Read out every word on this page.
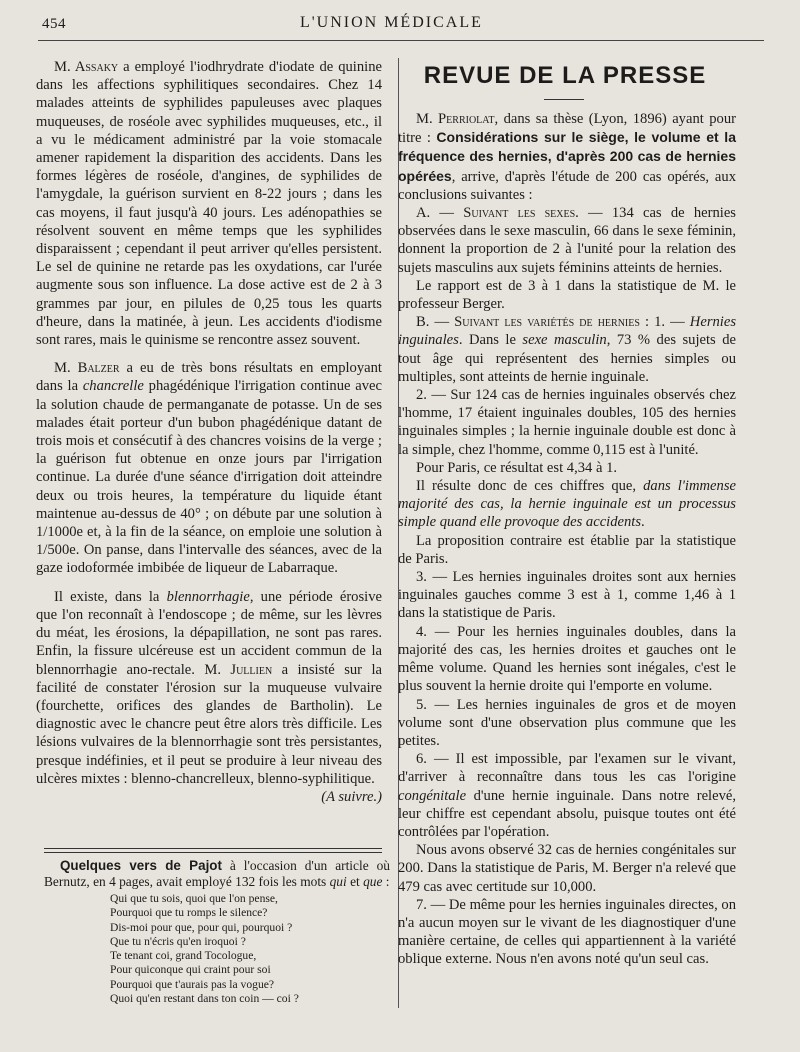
454	L'UNION MÉDICALE

M. Assaky a employé l'iodhrydrate d'iodate de quinine dans les affections syphilitiques secondaires. Chez 14 malades atteints de syphilides papuleuses avec plaques muqueuses, de roséole avec syphilides muqueuses, etc., il a vu le médicament administré par la voie stomacale amener rapidement la disparition des accidents. Dans les formes légères de roséole, d'angines, de syphilides de l'amygdale, la guérison survient en 8-22 jours ; dans les cas moyens, il faut jusqu'à 40 jours. Les adénopathies se résolvent souvent en même temps que les syphilides disparaissent ; cependant il peut arriver qu'elles persistent. Le sel de quinine ne retarde pas les oxydations, car l'urée augmente sous son influence. La dose active est de 2 à 3 grammes par jour, en pilules de 0,25 tous les quarts d'heure, dans la matinée, à jeun. Les accidents d'iodisme sont rares, mais le quinisme se rencontre assez souvent.

M. Balzer a eu de très bons résultats en employant dans la chancrelle phagédénique l'irrigation continue avec la solution chaude de permanganate de potasse. Un de ses malades était porteur d'un bubon phagédénique datant de trois mois et consécutif à des chancres voisins de la verge ; la guérison fut obtenue en onze jours par l'irrigation continue. La durée d'une séance d'irrigation doit atteindre deux ou trois heures, la température du liquide étant maintenue au-dessus de 40° ; on débute par une solution à 1/1000e et, à la fin de la séance, on emploie une solution à 1/500e. On panse, dans l'intervalle des séances, avec de la gaze iodoformée imbibée de liqueur de Labarraque.

Il existe, dans la blennorrhagie, une période érosive que l'on reconnaît à l'endoscope ; de même, sur les lèvres du méat, les érosions, la dépapillation, ne sont pas rares. Enfin, la fissure ulcéreuse est un accident commun de la blennorrhagie ano-rectale. M. Jullien a insisté sur la facilité de constater l'érosion sur la muqueuse vulvaire (fourchette, orifices des glandes de Bartholin). Le diagnostic avec le chancre peut être alors très difficile. Les lésions vulvaires de la blennorrhagie sont très persistantes, presque indéfinies, et il peut se produire à leur niveau des ulcères mixtes : blenno-chancrelleux, blenno-syphilitique.
(A suivre.)

Quelques vers de Pajot à l'occasion d'un article où Bernutz, en 4 pages, avait employé 132 fois les mots qui et que :

Qui que tu sois, quoi que l'on pense,
Pourquoi que tu romps le silence?
Dis-moi pour que, pour qui, pourquoi ?
Que tu n'écris qu'en iroquoi ?
Te tenant coi, grand Tocologue,
Pour quiconque qui craint pour soi
Pourquoi que t'aurais pas la vogue?
Quoi qu'en restant dans ton coin — coi ?
REVUE DE LA PRESSE

M. Perriolat, dans sa thèse (Lyon, 1896) ayant pour titre : Considérations sur le siège, le volume et la fréquence des hernies, d'après 200 cas de hernies opérées, arrive, d'après l'étude de 200 cas opérés, aux conclusions suivantes :

A. — Suivant les sexes. — 134 cas de hernies observées dans le sexe masculin, 66 dans le sexe féminin, donnent la proportion de 2 à l'unité pour la relation des sujets masculins aux sujets féminins atteints de hernies.

Le rapport est de 3 à 1 dans la statistique de M. le professeur Berger.

B. — Suivant les variétés de hernies : 1. — Hernies inguinales. Dans le sexe masculin, 73 % des sujets de tout âge qui représentent des hernies simples ou multiples, sont atteints de hernie inguinale.

2. — Sur 124 cas de hernies inguinales observés chez l'homme, 17 étaient inguinales doubles, 105 des hernies inguinales simples ; la hernie inguinale double est donc à la simple, chez l'homme, comme 0,115 est à l'unité.

Pour Paris, ce résultat est 4,34 à 1.

Il résulte donc de ces chiffres que, dans l'immense majorité des cas, la hernie inguinale est un processus simple quand elle provoque des accidents.

La proposition contraire est établie par la statistique de Paris.

3. — Les hernies inguinales droites sont aux hernies inguinales gauches comme 3 est à 1, comme 1,46 à 1 dans la statistique de Paris.

4. — Pour les hernies inguinales doubles, dans la majorité des cas, les hernies droites et gauches ont le même volume. Quand les hernies sont inégales, c'est le plus souvent la hernie droite qui l'emporte en volume.

5. — Les hernies inguinales de gros et de moyen volume sont d'une observation plus commune que les petites.

6. — Il est impossible, par l'examen sur le vivant, d'arriver à reconnaître dans tous les cas l'origine congénitale d'une hernie inguinale. Dans notre relevé, leur chiffre est cependant absolu, puisque toutes ont été contrôlées par l'opération.

Nous avons observé 32 cas de hernies congénitales sur 200. Dans la statistique de Paris, M. Berger n'a relevé que 479 cas avec certitude sur 10,000.

7. — De même pour les hernies inguinales directes, on n'a aucun moyen sur le vivant de les diagnostiquer d'une manière certaine, de celles qui appartiennent à la variété oblique externe. Nous n'en avons noté qu'un seul cas.
